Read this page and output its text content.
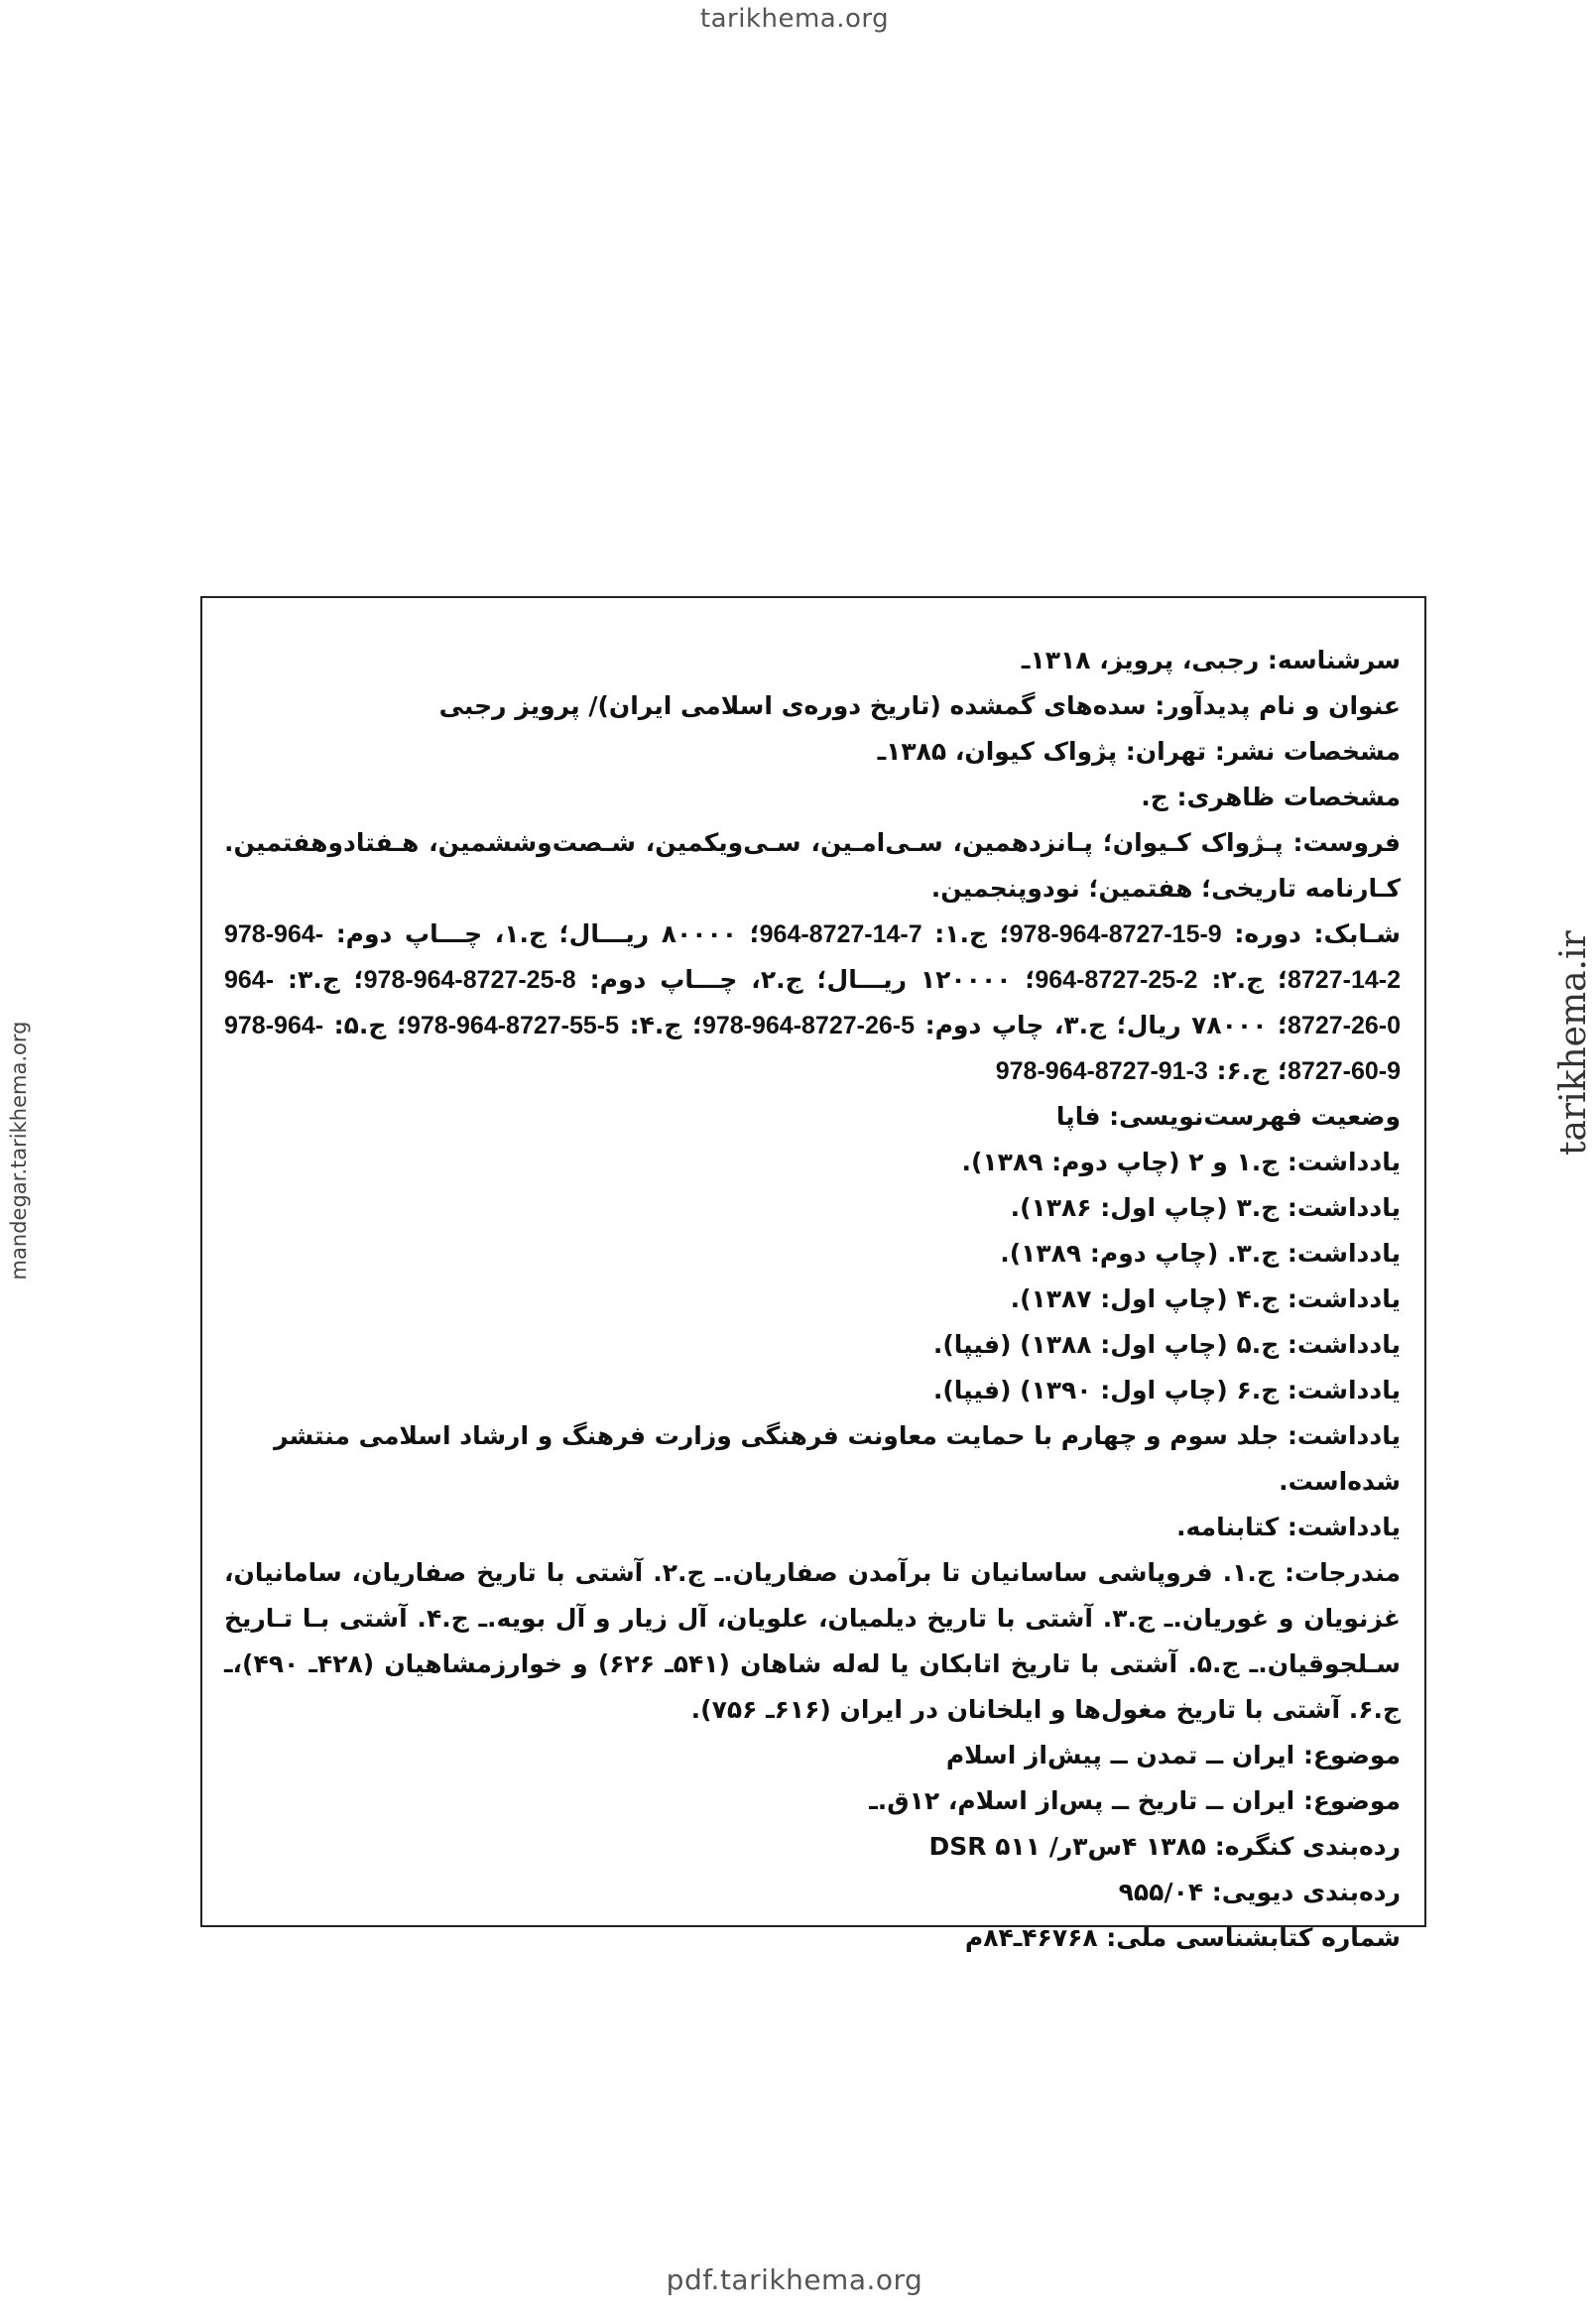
tarikhema.org
mandegar.tarikhema.org	tarikhema.ir

سرشناسه: رجبی، پرویز، ۱۳۱۸ـ

عنوان و نام پدیدآور: سده‌های گمشده (تاریخ دوره‌ی اسلامی ایران)/ پرویز رجبی

مشخصات نشر: تهران: پژواک کیوان، ۱۳۸۵ـ

مشخصات ظاهری: ج.

فروست: پـژواک کـیوان؛ پـانزدهمین، سـی‌امـین، سـی‌ویکمین، شـصت‌وششمین، هـفتادوهفتمین. کـارنامه تاریخی؛ هفتمین؛ نودوپنجمین.

شـابک: دوره: 978-964-8727-15-9؛ ج.۱: 964-8727-14-7؛ ۸۰۰۰۰ ریـــال؛ ج.۱، چـــاپ دوم: 978-964-8727-14-2؛ ج.۲: 964-8727-25-2؛ ۱۲۰۰۰۰ ریـــال؛ ج.۲، چـــاپ دوم: 978-964-8727-25-8؛ ج.۳: 964-8727-26-0؛ ۷۸۰۰۰ ریال؛ ج.۳، چاپ دوم: 978-964-8727-26-5؛ ج.۴: 978-964-8727-55-5؛ ج.۵: 978-964-8727-60-9؛ ج.۶: 978-964-8727-91-3

وضعیت فهرست‌نویسی: فاپا

یادداشت: ج.۱ و ۲ (چاپ دوم: ۱۳۸۹).

یادداشت: ج.۳ (چاپ اول: ۱۳۸۶).

یادداشت: ج.۳. (چاپ دوم: ۱۳۸۹).

یادداشت: ج.۴ (چاپ اول: ۱۳۸۷).

یادداشت: ج.۵ (چاپ اول: ۱۳۸۸) (فیپا).

یادداشت: ج.۶ (چاپ اول: ۱۳۹۰) (فیپا).

یادداشت: جلد سوم و چهارم با حمایت معاونت فرهنگی وزارت فرهنگ و ارشاد اسلامی منتشر شده‌است.

یادداشت: کتابنامه.

مندرجات: ج.۱. فروپاشی ساسانیان تا برآمدن صفاریان.ـ ج.۲. آشتی با تاریخ صفاریان، سامانیان، غزنویان و غوریان.ـ ج.۳. آشتی با تاریخ دیلمیان، علویان، آل زیار و آل بویه.ـ ج.۴. آشتی بـا تـاریخ سـلجوقیان.ـ ج.۵. آشتی با تاریخ اتابکان یا لەله شاهان (۵۴۱ـ ۶۲۶) و خوارزمشاهیان (۴۲۸ـ ۴۹۰)،ـ ج.۶. آشتی با تاریخ مغول‌ها و ایلخانان در ایران (۶۱۶ـ ۷۵۶).

موضوع: ایران ــ تمدن ــ پیش‌از اسلام

موضوع: ایران ــ تاریخ ــ پس‌از اسلام، ۱۲ق.ـ

رده‌بندی کنگره: ۱۳۸۵ ۴س۳ر/ DSR ۵۱۱

رده‌بندی دیویی: ۹۵۵/۰۴

شماره کتابشناسی ملی: ۴۶۷۶۸ـ۸۴م

pdf.tarikhema.org
